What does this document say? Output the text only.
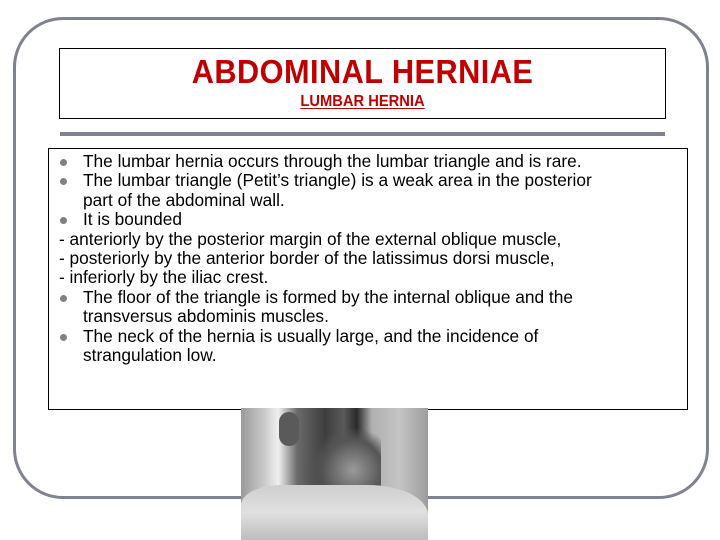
ABDOMINAL HERNIAE
LUMBAR HERNIA
The lumbar hernia occurs through the lumbar triangle and is rare.
The lumbar triangle (Petit’s triangle) is a weak area in the posterior
part of the abdominal wall.
It is bounded
- anteriorly by the posterior margin of the external oblique muscle,
- posteriorly by the anterior border of the latissimus dorsi muscle,
- inferiorly by the iliac crest.
The floor of the triangle is formed by the internal oblique and the
transversus abdominis muscles.
The neck of the hernia is usually large, and the incidence of
strangulation low.
